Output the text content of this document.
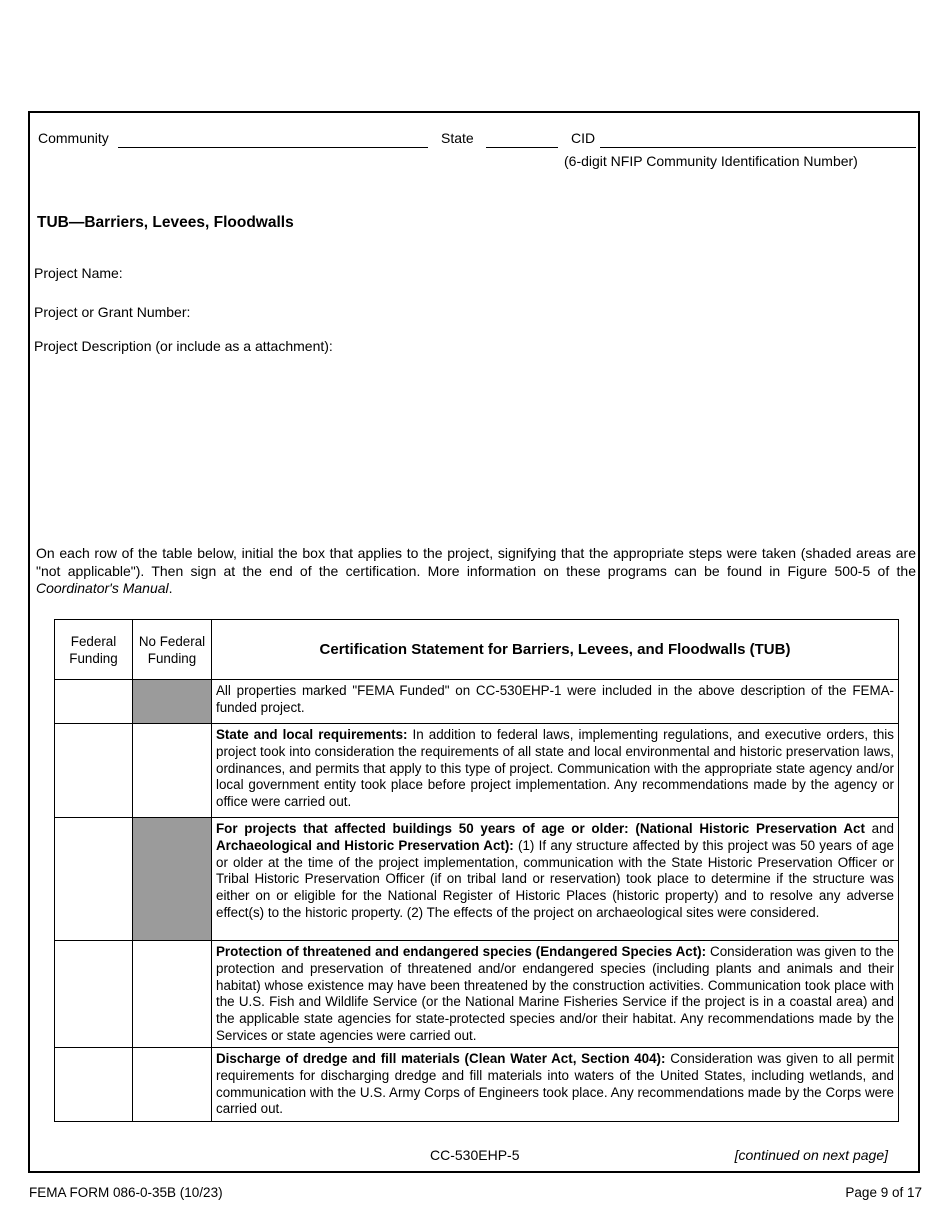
Community	State	CID
(6-digit NFIP Community Identification Number)
TUB—Barriers, Levees, Floodwalls
Project Name:
Project or Grant Number:
Project Description (or include as a attachment):
On each row of the table below, initial the box that applies to the project, signifying that the appropriate steps were taken (shaded areas are "not applicable"). Then sign at the end of the certification. More information on these programs can be found in Figure 500-5 of the Coordinator's Manual.
Federal Funding	No Federal Funding	Certification Statement for Barriers, Levees, and Floodwalls (TUB)
		All properties marked "FEMA Funded" on CC-530EHP-1 were included in the above description of the FEMA-funded project.
		State and local requirements: In addition to federal laws, implementing regulations, and executive orders, this project took into consideration the requirements of all state and local environmental and historic preservation laws, ordinances, and permits that apply to this type of project. Communication with the appropriate state agency and/or local government entity took place before project implementation. Any recommendations made by the agency or office were carried out.
		For projects that affected buildings 50 years of age or older: (National Historic Preservation Act and Archaeological and Historic Preservation Act): (1) If any structure affected by this project was 50 years of age or older at the time of the project implementation, communication with the State Historic Preservation Officer or Tribal Historic Preservation Officer (if on tribal land or reservation) took place to determine if the structure was either on or eligible for the National Register of Historic Places (historic property) and to resolve any adverse effect(s) to the historic property. (2) The effects of the project on archaeological sites were considered.
		Protection of threatened and endangered species (Endangered Species Act): Consideration was given to the protection and preservation of threatened and/or endangered species (including plants and animals and their habitat) whose existence may have been threatened by the construction activities. Communication took place with the U.S. Fish and Wildlife Service (or the National Marine Fisheries Service if the project is in a coastal area) and the applicable state agencies for state-protected species and/or their habitat. Any recommendations made by the Services or state agencies were carried out.
		Discharge of dredge and fill materials (Clean Water Act, Section 404): Consideration was given to all permit requirements for discharging dredge and fill materials into waters of the United States, including wetlands, and communication with the U.S. Army Corps of Engineers took place. Any recommendations made by the Corps were carried out.
CC-530EHP-5	[continued on next page]
FEMA FORM 086-0-35B (10/23)	Page 9 of 17
